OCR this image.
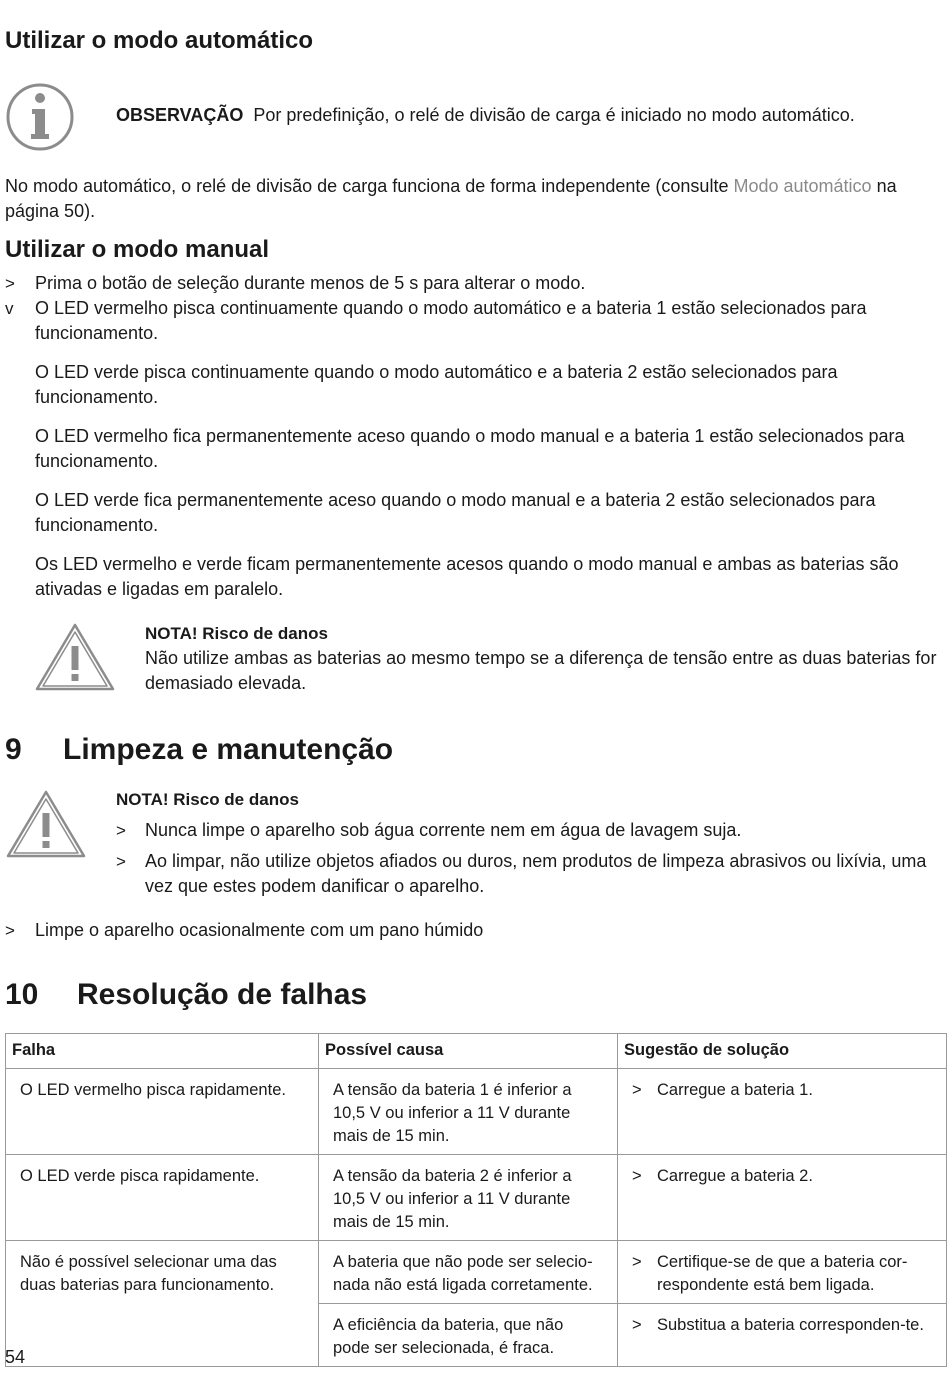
Utilizar o modo automático
OBSERVAÇÃO Por predefinição, o relé de divisão de carga é iniciado no modo automático.
No modo automático, o relé de divisão de carga funciona de forma independente (consulte Modo automático na página 50).
Utilizar o modo manual
> Prima o botão de seleção durante menos de 5 s para alterar o modo.
v O LED vermelho pisca continuamente quando o modo automático e a bateria 1 estão selecionados para funcionamento.
O LED verde pisca continuamente quando o modo automático e a bateria 2 estão selecionados para funcionamento.
O LED vermelho fica permanentemente aceso quando o modo manual e a bateria 1 estão selecionados para funcionamento.
O LED verde fica permanentemente aceso quando o modo manual e a bateria 2 estão selecionados para funcionamento.
Os LED vermelho e verde ficam permanentemente acesos quando o modo manual e ambas as baterias são ativadas e ligadas em paralelo.
NOTA! Risco de danos
Não utilize ambas as baterias ao mesmo tempo se a diferença de tensão entre as duas baterias for demasiado elevada.
9 Limpeza e manutenção
NOTA! Risco de danos
> Nunca limpe o aparelho sob água corrente nem em água de lavagem suja.
> Ao limpar, não utilize objetos afiados ou duros, nem produtos de limpeza abrasivos ou lixívia, uma vez que estes podem danificar o aparelho.
> Limpe o aparelho ocasionalmente com um pano húmido
10 Resolução de falhas
Falha	Possível causa	Sugestão de solução
O LED vermelho pisca rapidamente.	A tensão da bateria 1 é inferior a 10,5 V ou inferior a 11 V durante mais de 15 min.	> Carregue a bateria 1.

O LED verde pisca rapidamente.	A tensão da bateria 2 é inferior a 10,5 V ou inferior a 11 V durante mais de 15 min.	> Carregue a bateria 2.

Não é possível selecionar uma das duas baterias para funcionamento.	A bateria que não pode ser selecio-nada não está ligada corretamente.	> Certifique-se de que a bateria cor-respondente está bem ligada.

	A eficiência da bateria, que não pode ser selecionada, é fraca.	> Substitua a bateria corresponden-te.
54
